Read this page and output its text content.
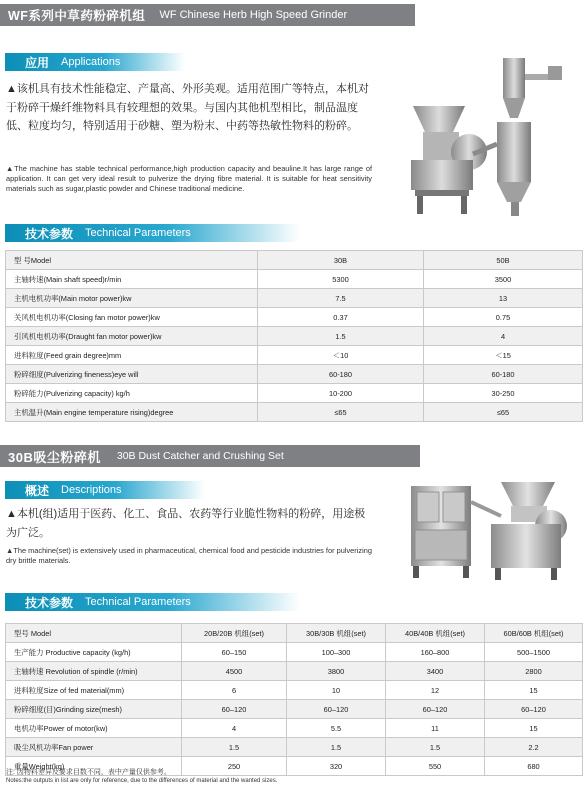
WF系列中草药粉碎机组 WF Chinese Herb High Speed Grinder
应用 Applications
▲该机具有技术性能稳定、产量高、外形美观。适用范围广等特点，本机对于粉碎干燥纤维物料具有较理想的效果。与国内其他机型相比，制品温度低、粒度均匀，特别适用于砂糖、塑为粉末、中药等热敏性物料的粉碎。
▲The machine has stable technical performance,high production capacity and beauline.It has large range of application. It can get very ideal result to pulverize the drying fibre material. It is suitable for heat sensitivity materials such as sugar,plastic powder and Chinese traditional medicine.
技术参数 Technical Parameters
型 号Model	30B	50B
主轴转速(Main shaft speed)r/min	5300	3500
主机电机功率(Main motor power)kw	7.5	13
关风机电机功率(Closing fan motor power)kw	0.37	0.75
引风机电机功率(Draught fan motor power)kw	1.5	4
进料粒度(Feed grain degree)mm	＜10	＜15
粉碎细度(Pulverizing fineness)eye will	60-180	60-180
粉碎能力(Pulverizing capacity) kg/h	10-200	30-250
主机温升(Main engine temperature rising)degree	≤65	≤65
30B吸尘粉碎机 30B Dust Catcher and Crushing Set
概述 Descriptions
▲本机(组)适用于医药、化工、食品、农药等行业脆性物料的粉碎，用途极为广泛。
▲The machine(set) is extensively used in pharmaceutical, chemical food and pesticide industries for pulverizing dry brittle materials.
技术参数 Technical Parameters
型号 Model	20B/20B 机组(set)	30B/30B 机组(set)	40B/40B 机组(set)	60B/60B 机组(set)
生产能力 Productive capacity (kg/h)	60–150	100–300	160–800	500–1500
主轴转速 Revolution of spindle (r/min)	4500	3800	3400	2800
进料粒度Size of fed material(mm)	6	10	12	15
粉碎细度(目)Grinding size(mesh)	60–120	60–120	60–120	60–120
电机功率Power of motor(kw)	4	5.5	11	15
吸尘风机功率Fan power	1.5	1.5	1.5	2.2
重量Weight(kg)	250	320	550	680
注: 因物料差异及要求目数不同，表中产量仅供参考。
Notes:the outputs in list are only for reference, due to the differences of material and the wanted sizes.
